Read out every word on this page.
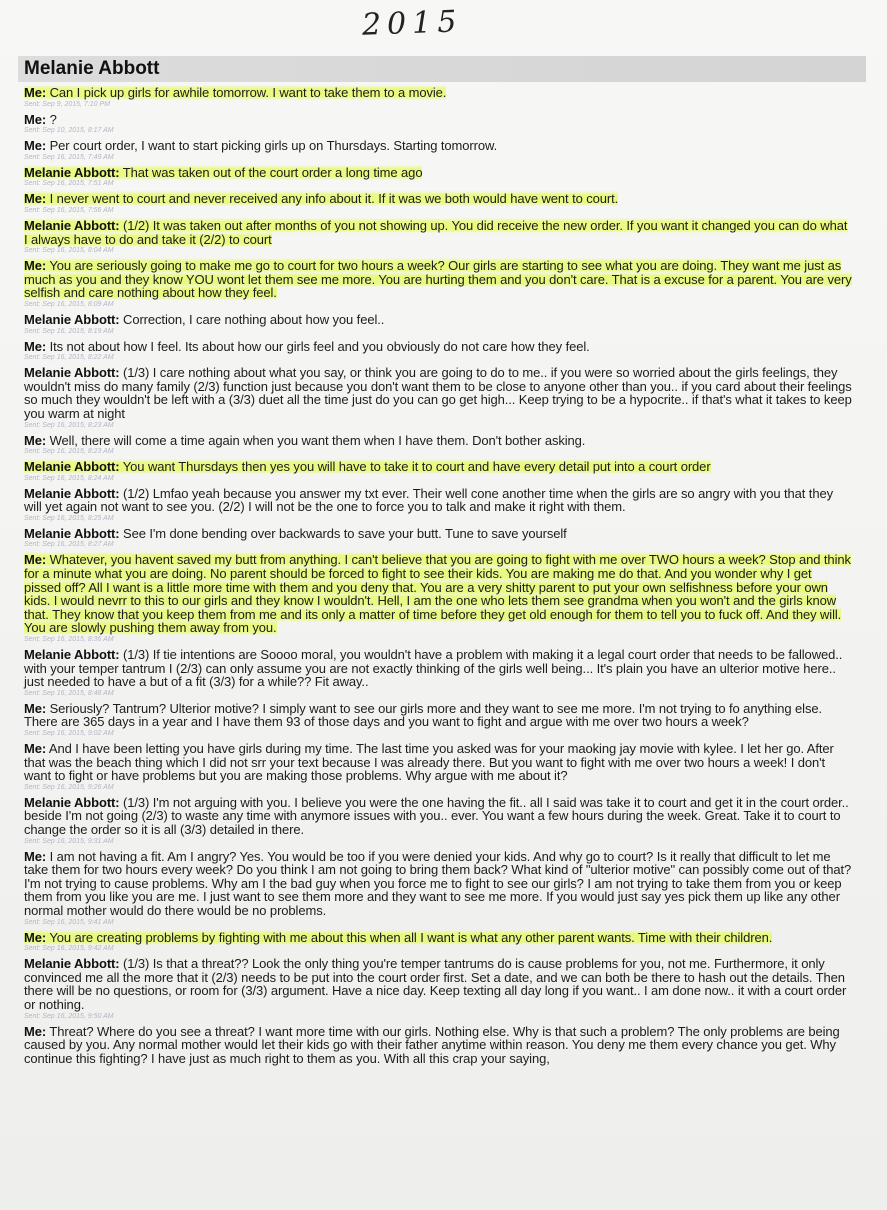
2015
Melanie Abbott
Me: Can I pick up girls for awhile tomorrow. I want to take them to a movie.
Sent: Sep 9, 2015, 7:10 PM
Me: ?
Sent: Sep 10, 2015, 8:17 AM
Me: Per court order, I want to start picking girls up on Thursdays. Starting tomorrow.
Sent: Sep 16, 2015, 7:49 AM
Melanie Abbott: That was taken out of the court order a long time ago
Sent: Sep 16, 2015, 7:51 AM
Me: I never went to court and never received any info about it. If it was we both would have went to court.
Sent: Sep 16, 2015, 7:56 AM
Melanie Abbott: (1/2) It was taken out after months of you not showing up. You did receive the new order. If you want it changed you can do what I always have to do and take it (2/2) to court
Sent: Sep 16, 2015, 8:04 AM
Me: You are seriously going to make me go to court for two hours a week? Our girls are starting to see what you are doing. They want me just as much as you and they know YOU wont let them see me more. You are hurting them and you don't care. That is a excuse for a parent. You are very selfish and care nothing about how they feel.
Sent: Sep 16, 2015, 8:09 AM
Melanie Abbott: Correction, I care nothing about how you feel..
Sent: Sep 16, 2015, 8:19 AM
Me: Its not about how I feel. Its about how our girls feel and you obviously do not care how they feel.
Sent: Sep 16, 2015, 8:22 AM
Melanie Abbott: (1/3) I care nothing about what you say, or think you are going to do to me.. if you were so worried about the girls feelings, they wouldn't miss do many family (2/3) function just because you don't want them to be close to anyone other than you.. if you card about their feelings so much they wouldn't be left with a (3/3) duet all the time just do you can go get high... Keep trying to be a hypocrite.. if that's what it takes to keep you warm at night
Sent: Sep 16, 2015, 8:23 AM
Me: Well, there will come a time again when you want them when I have them. Don't bother asking.
Sent: Sep 16, 2015, 8:23 AM
Melanie Abbott: You want Thursdays then yes you will have to take it to court and have every detail put into a court order
Sent: Sep 16, 2015, 8:24 AM
Melanie Abbott: (1/2) Lmfao yeah because you answer my txt ever. Their well cone another time when the girls are so angry with you that they will yet again not want to see you. (2/2) I will not be the one to force you to talk and make it right with them.
Sent: Sep 16, 2015, 8:25 AM
Melanie Abbott: See I'm done bending over backwards to save your butt. Tune to save yourself
Sent: Sep 16, 2015, 8:27 AM
Me: Whatever, you havent saved my butt from anything. I can't believe that you are going to fight with me over TWO hours a week? Stop and think for a minute what you are doing. No parent should be forced to fight to see their kids. You are making me do that. And you wonder why I get pissed off? All I want is a little more time with them and you deny that. You are a very shitty parent to put your own selfishness before your own kids. I would nevrr to this to our girls and they know I wouldn't. Hell, I am the one who lets them see grandma when you won't and the girls know that. They know that you keep them from me and its only a matter of time before they get old enough for them to tell you to fuck off. And they will. You are slowly pushing them away from you.
Sent: Sep 16, 2015, 8:36 AM
Melanie Abbott: (1/3) If tie intentions are Soooo moral, you wouldn't have a problem with making it a legal court order that needs to be fallowed.. with your temper tantrum I (2/3) can only assume you are not exactly thinking of the girls well being... It's plain you have an ulterior motive here.. just needed to have a but of a fit (3/3) for a while?? Fit away..
Sent: Sep 16, 2015, 8:48 AM
Me: Seriously? Tantrum? Ulterior motive? I simply want to see our girls more and they want to see me more. I'm not trying to fo anything else. There are 365 days in a year and I have them 93 of those days and you want to fight and argue with me over two hours a week?
Sent: Sep 16, 2015, 9:02 AM
Me: And I have been letting you have girls during my time. The last time you asked was for your maoking jay movie with kylee. I let her go. After that was the beach thing which I did not srr your text because I was already there. But you want to fight with me over two hours a week! I don't want to fight or have problems but you are making those problems. Why argue with me about it?
Sent: Sep 16, 2015, 9:26 AM
Melanie Abbott: (1/3) I'm not arguing with you. I believe you were the one having the fit.. all I said was take it to court and get it in the court order.. beside I'm not going (2/3) to waste any time with anymore issues with you.. ever. You want a few hours during the week. Great. Take it to court to change the order so it is all (3/3) detailed in there.
Sent: Sep 16, 2015, 9:31 AM
Me: I am not having a fit. Am I angry? Yes. You would be too if you were denied your kids. And why go to court? Is it really that difficult to let me take them for two hours every week? Do you think I am not going to bring them back? What kind of "ulterior motive" can possibly come out of that? I'm not trying to cause problems. Why am I the bad guy when you force me to fight to see our girls? I am not trying to take them from you or keep them from you like you are me. I just want to see them more and they want to see me more. If you would just say yes pick them up like any other normal mother would do there would be no problems.
Sent: Sep 16, 2015, 9:41 AM
Me: You are creating problems by fighting with me about this when all I want is what any other parent wants. Time with their children.
Sent: Sep 16, 2015, 9:42 AM
Melanie Abbott: (1/3) Is that a threat?? Look the only thing you're temper tantrums do is cause problems for you, not me. Furthermore, it only convinced me all the more that it (2/3) needs to be put into the court order first. Set a date, and we can both be there to hash out the details. Then there will be no questions, or room for (3/3) argument. Have a nice day. Keep texting all day long if you want.. I am done now.. it with a court order or nothing.
Sent: Sep 16, 2015, 9:50 AM
Me: Threat? Where do you see a threat? I want more time with our girls. Nothing else. Why is that such a problem? The only problems are being caused by you. Any normal mother would let their kids go with their father anytime within reason. You deny me them every chance you get. Why continue this fighting? I have just as much right to them as you. With all this crap your saying,
